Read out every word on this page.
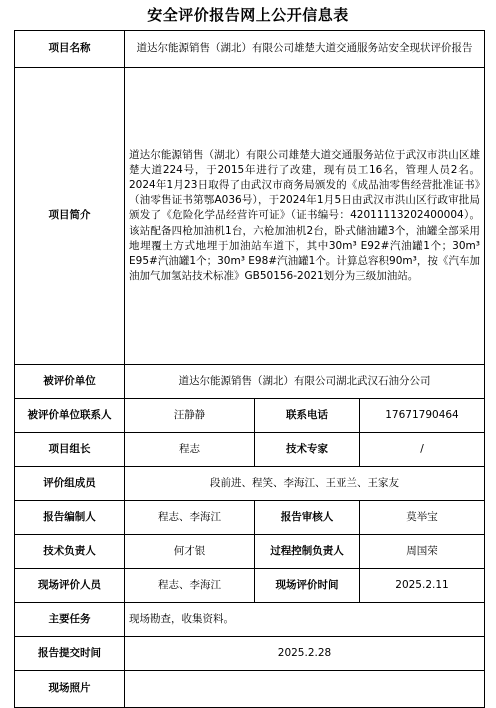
安全评价报告网上公开信息表
项目名称	道达尔能源销售（湖北）有限公司雄楚大道交通服务站安全现状评价报告		
项目简介	道达尔能源销售（湖北）有限公司雄楚大道交通服务站位于武汉市洪山区雄楚大道224号，于2015年进行了改建，现有员工16名，管理人员2名。2024年1月23日取得了由武汉市商务局颁发的《成品油零售经营批准证书》（油零售证书第鄂A036号），于2024年1月5日由武汉市洪山区行政审批局颁发了《危险化学品经营许可证》（证书编号：42011113202400004）。该站配备四枪加油机1台，六枪加油机2台，卧式储油罐3个，油罐全部采用地埋覆土方式地埋于加油站车道下，其中30m³ E92#汽油罐1个；30m³ E95#汽油罐1个；30m³ E98#汽油罐1个。计算总容积90m³，按《汽车加油加气加氢站技术标准》GB50156-2021划分为三级加油站。		
被评价单位	道达尔能源销售（湖北）有限公司湖北武汉石油分公司		
被评价单位联系人	汪静静	联系电话	17671790464
项目组长	程志	技术专家	/
评价组成员	段前进、程笑、李海江、王亚兰、王家友		
报告编制人	程志、李海江	报告审核人	莫举宝
技术负责人	何才银	过程控制负责人	周国荣
现场评价人员	程志、李海江	现场评价时间	2025.2.11
主要任务	现场勘查，收集资料。		
报告提交时间	2025.2.28		
现场照片			
